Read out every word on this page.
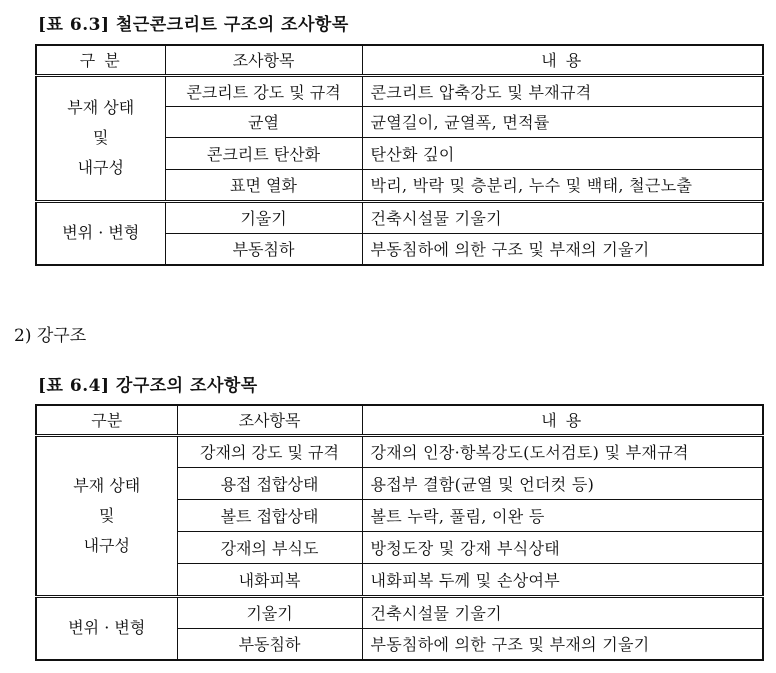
[표 6.3] 철근콘크리트 구조의 조사항목
구 분	조사항목	내 용

부재 상태
및
내구성	콘크리트 강도 및 규격	콘크리트 압축강도 및 부재규격
	균열	균열길이, 균열폭, 면적률
	콘크리트 탄산화	탄산화 깊이
	표면 열화	박리, 박락 및 층분리, 누수 및 백태, 철근노출

변위 · 변형	기울기	건축시설물 기울기
	부동침하	부동침하에 의한 구조 및 부재의 기울기
2) 강구조
[표 6.4] 강구조의 조사항목
구분	조사항목	내 용

부재 상태
및
내구성	강재의 강도 및 규격	강재의 인장·항복강도(도서검토) 및 부재규격
	용접 접합상태	용접부 결함(균열 및 언더컷 등)
	볼트 접합상태	볼트 누락, 풀림, 이완 등
	강재의 부식도	방청도장 및 강재 부식상태
	내화피복	내화피복 두께 및 손상여부

변위 · 변형	기울기	건축시설물 기울기
	부동침하	부동침하에 의한 구조 및 부재의 기울기
